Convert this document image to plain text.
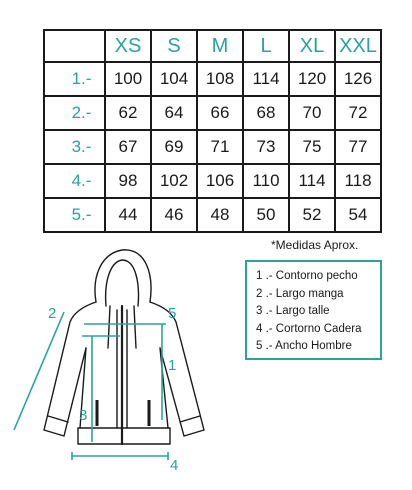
	XS	S	M	L	XL	XXL
1.-	100	104	108	114	120	126
2.-	62	64	66	68	70	72
3.-	67	69	71	73	75	77
4.-	98	102	106	110	114	118
5.-	44	46	48	50	52	54
*Medidas Aprox.
1 .- Contorno pecho
2 .- Largo manga
3 .- Largo talle
4 .- Cortorno Cadera
5 .- Ancho Hombre
5
1
3
2
4
